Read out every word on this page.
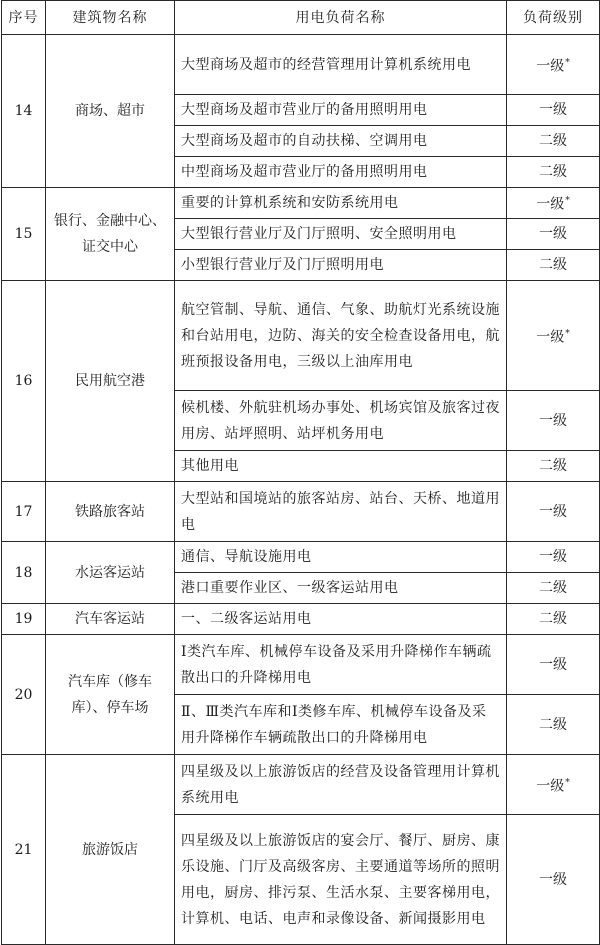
序号	建筑物名称	用电负荷名称	负荷级别
14	商场、超市	大型商场及超市的经营管理用计算机系统用电	一级*
		大型商场及超市营业厅的备用照明用电	一级
		大型商场及超市的自动扶梯、空调用电	二级
		中型商场及超市营业厅的备用照明用电	二级
15	银行、金融中心、证交中心	重要的计算机系统和安防系统用电	一级*
		大型银行营业厅及门厅照明、安全照明用电	一级
		小型银行营业厅及门厅照明用电	二级
16	民用航空港	航空管制、导航、通信、气象、助航灯光系统设施和台站用电，边防、海关的安全检查设备用电，航班预报设备用电，三级以上油库用电	一级*
		候机楼、外航驻机场办事处、机场宾馆及旅客过夜用房、站坪照明、站坪机务用电	一级
		其他用电	二级
17	铁路旅客站	大型站和国境站的旅客站房、站台、天桥、地道用电	一级
18	水运客运站	通信、导航设施用电	一级
		港口重要作业区、一级客运站用电	二级
19	汽车客运站	一、二级客运站用电	二级
20	汽车库（修车库）、停车场	Ⅰ类汽车库、机械停车设备及采用升降梯作车辆疏散出口的升降梯用电	一级
		Ⅱ、Ⅲ类汽车库和Ⅰ类修车库、机械停车设备及采用升降梯作车辆疏散出口的升降梯用电	二级
21	旅游饭店	四星级及以上旅游饭店的经营及设备管理用计算机系统用电	一级*
		四星级及以上旅游饭店的宴会厅、餐厅、厨房、康乐设施、门厅及高级客房、主要通道等场所的照明用电，厨房、排污泵、生活水泵、主要客梯用电，计算机、电话、电声和录像设备、新闻摄影用电	一级
